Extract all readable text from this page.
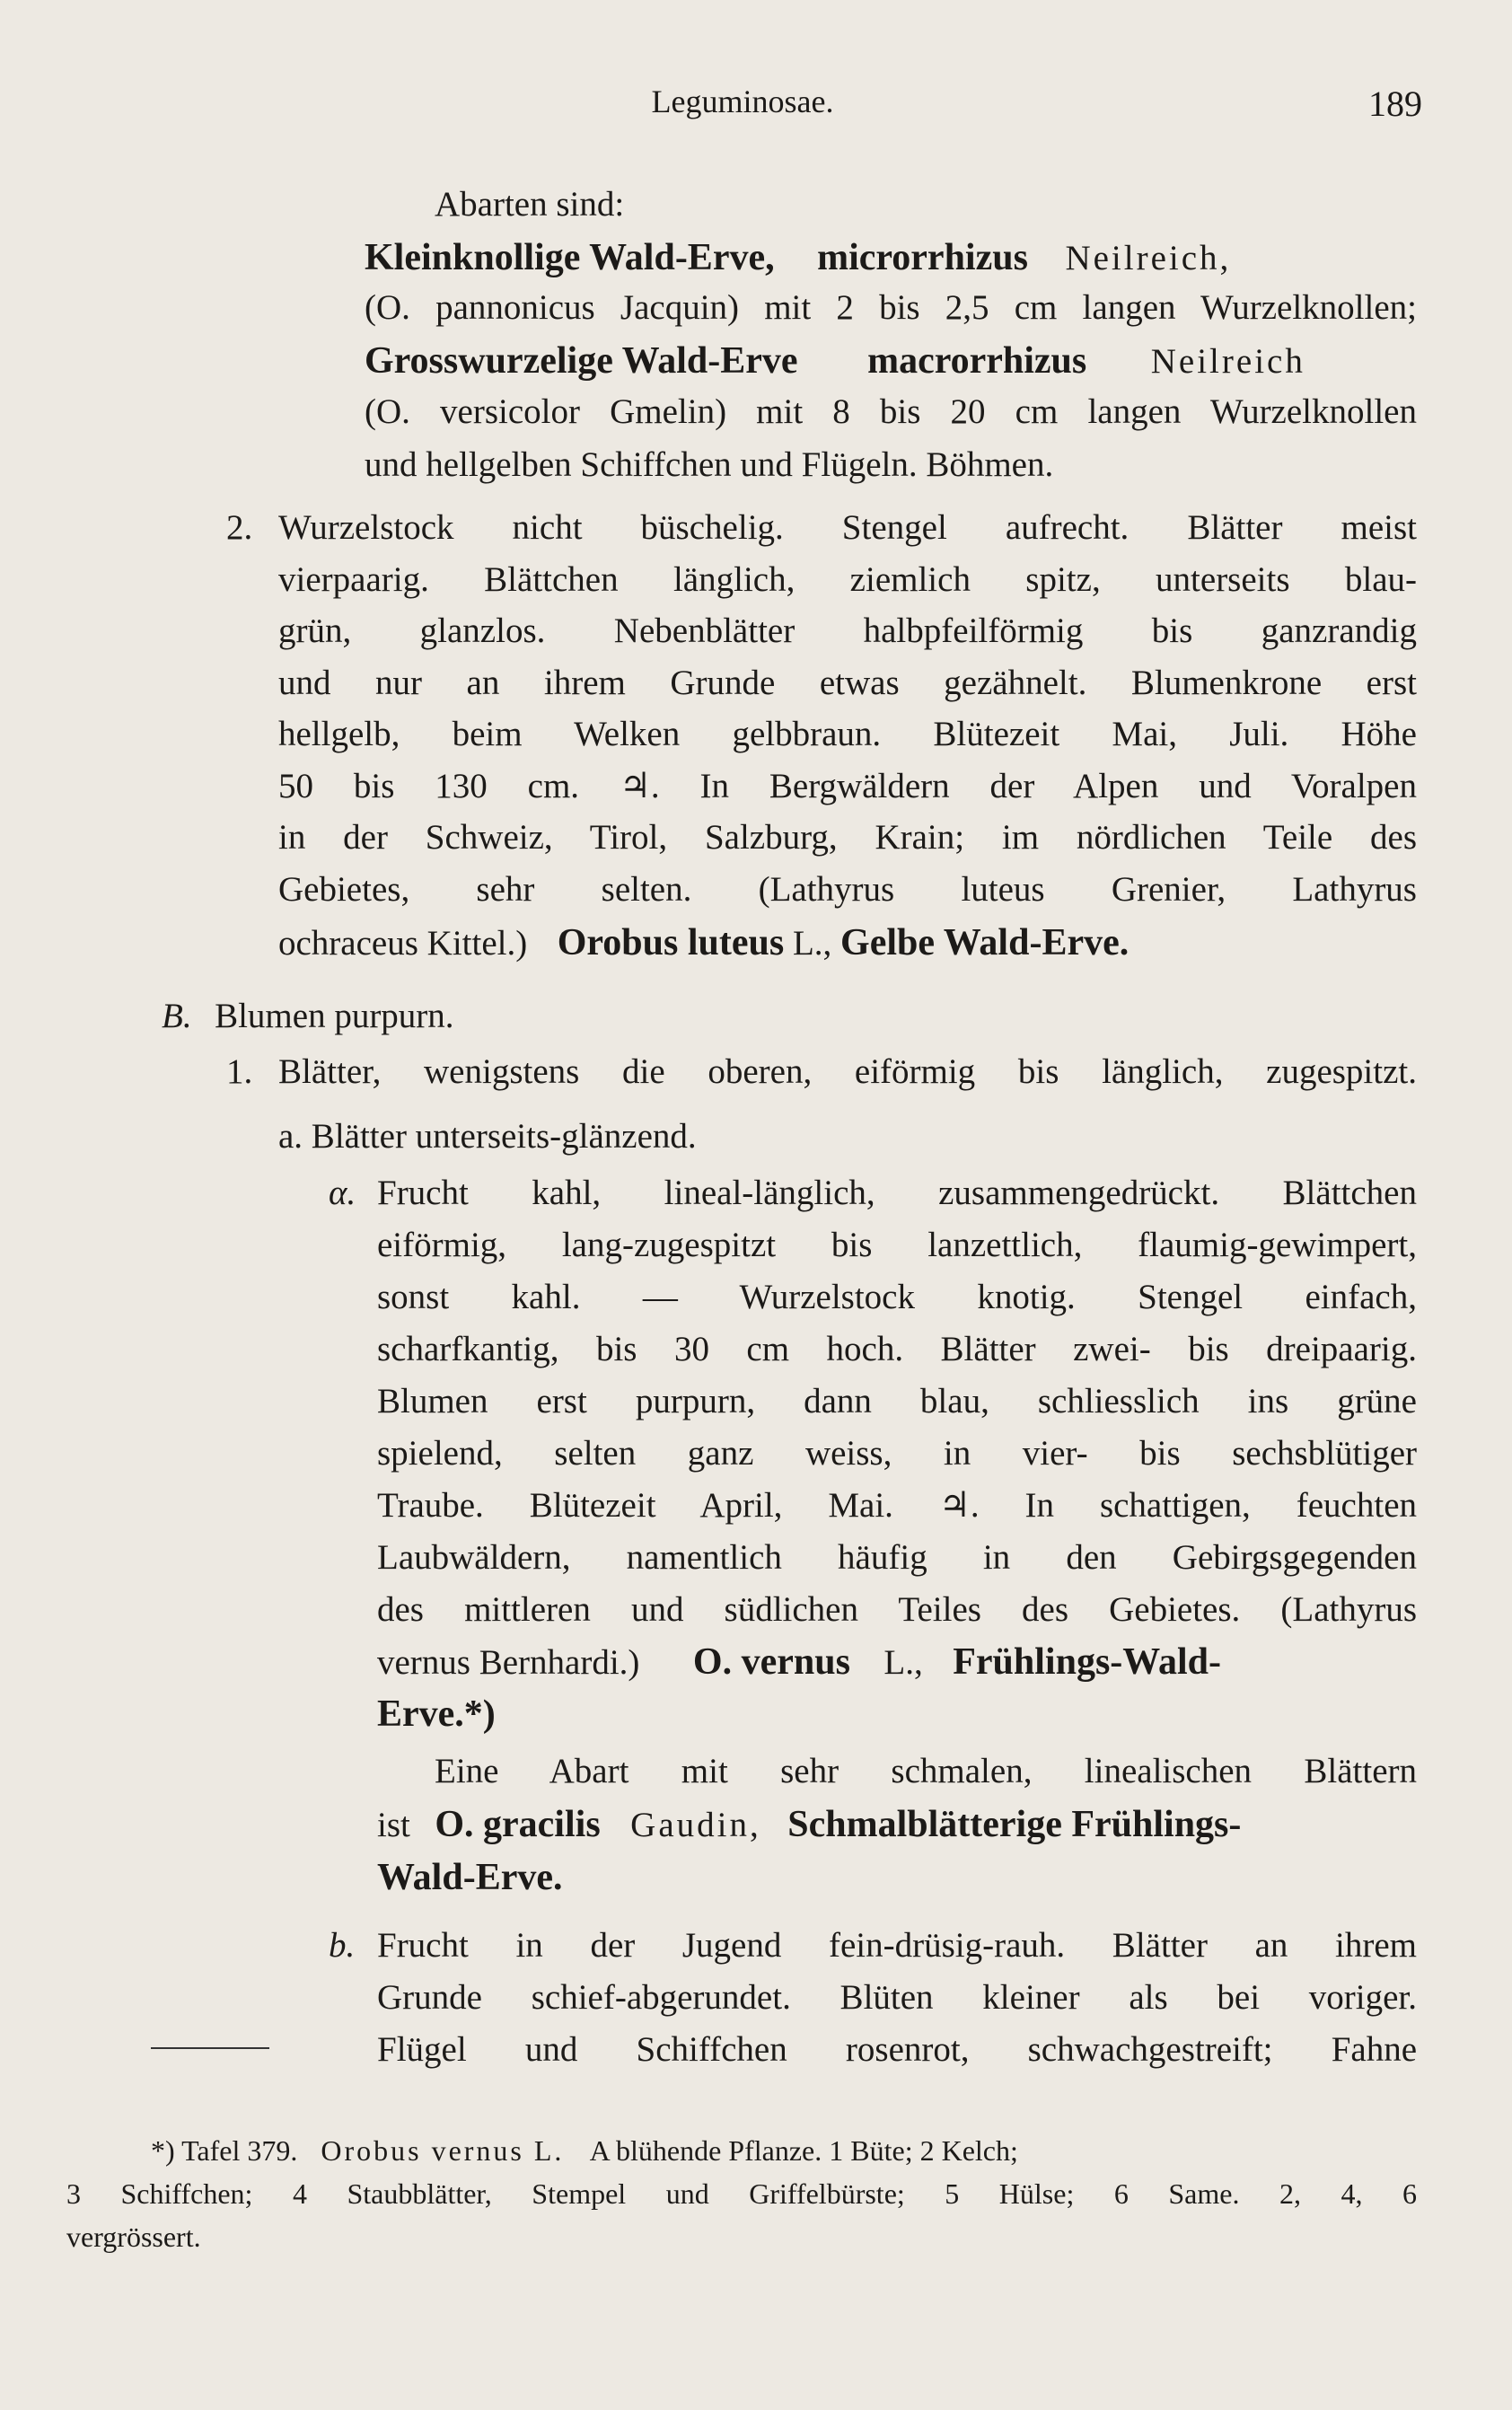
Leguminosae.	189
Abarten sind:
Kleinknollige Wald-Erve, microrrhizus Neilreich,
(O. pannonicus Jacquin) mit 2 bis 2,5 cm langen Wurzelknollen;
Grosswurzelige Wald-Erve macrorrhizus Neilreich
(O. versicolor Gmelin) mit 8 bis 20 cm langen Wurzelknollen
und hellgelben Schiffchen und Flügeln. Böhmen.
2. Wurzelstock nicht büschelig. Stengel aufrecht. Blätter meist
vierpaarig. Blättchen länglich, ziemlich spitz, unterseits blau-
grün, glanzlos. Nebenblätter halbpfeilförmig bis ganzrandig
und nur an ihrem Grunde etwas gezähnelt. Blumenkrone erst
hellgelb, beim Welken gelbbraun. Blütezeit Mai, Juli. Höhe
50 bis 130 cm. ♃. In Bergwäldern der Alpen und Voralpen
in der Schweiz, Tirol, Salzburg, Krain; im nördlichen Teile des
Gebietes, sehr selten. (Lathyrus luteus Grenier, Lathyrus
ochraceus Kittel.) Orobus luteus L., Gelbe Wald-Erve.
B. Blumen purpurn.
1. Blätter, wenigstens die oberen, eiförmig bis länglich, zugespitzt.
a. Blätter unterseits-glänzend.
α. Frucht kahl, lineal-länglich, zusammengedrückt. Blättchen
eiförmig, lang-zugespitzt bis lanzettlich, flaumig-gewimpert,
sonst kahl. — Wurzelstock knotig. Stengel einfach,
scharfkantig, bis 30 cm hoch. Blätter zwei- bis dreipaarig.
Blumen erst purpurn, dann blau, schliesslich ins grüne
spielend, selten ganz weiss, in vier- bis sechsblütiger
Traube. Blütezeit April, Mai. ♃. In schattigen, feuchten
Laubwäldern, namentlich häufig in den Gebirgsgegenden
des mittleren und südlichen Teiles des Gebietes. (Lathyrus
vernus Bernhardi.) O. vernus L., Frühlings-Wald-
Erve.*)
Eine Abart mit sehr schmalen, linealischen Blättern
ist O. gracilis Gaudin, Schmalblätterige Frühlings-
Wald-Erve.
b. Frucht in der Jugend fein-drüsig-rauh. Blätter an ihrem
Grunde schief-abgerundet. Blüten kleiner als bei voriger.
Flügel und Schiffchen rosenrot, schwachgestreift; Fahne
*) Tafel 379. Orobus vernus L. A blühende Pflanze. 1 Büte; 2 Kelch;
3 Schiffchen; 4 Staubblätter, Stempel und Griffelbürste; 5 Hülse; 6 Same. 2, 4, 6
vergrössert.
